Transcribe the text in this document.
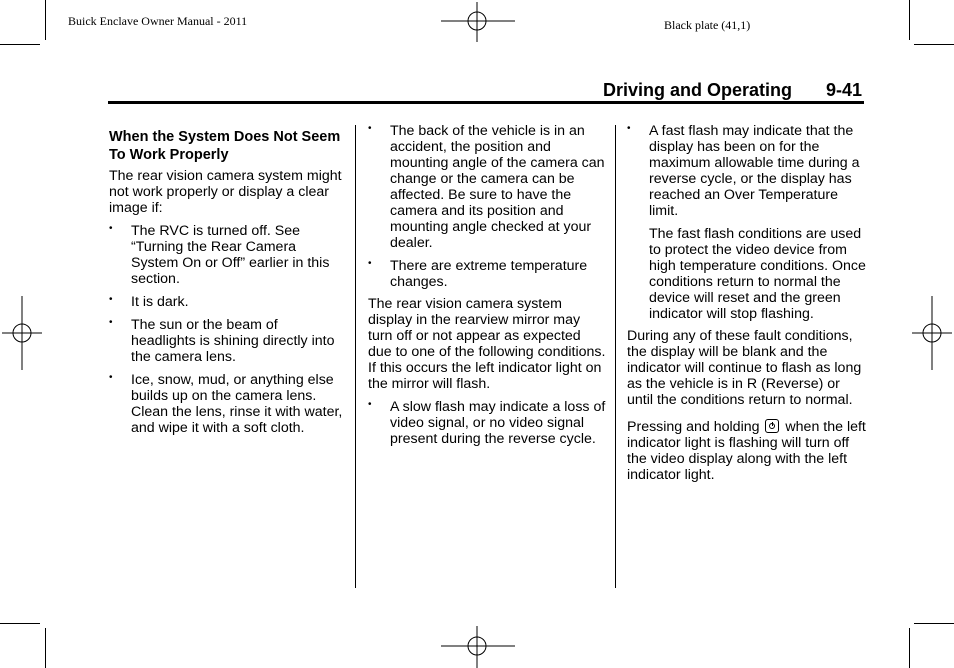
Buick Enclave Owner Manual - 2011	Black plate (41,1)
Driving and Operating 9-41

When the System Does Not Seem To Work Properly

The rear vision camera system might not work properly or display a clear image if:

• The RVC is turned off. See “Turning the Rear Camera System On or Off” earlier in this section.
• It is dark.
• The sun or the beam of headlights is shining directly into the camera lens.
• Ice, snow, mud, or anything else builds up on the camera lens. Clean the lens, rinse it with water, and wipe it with a soft cloth.
• The back of the vehicle is in an accident, the position and mounting angle of the camera can change or the camera can be affected. Be sure to have the camera and its position and mounting angle checked at your dealer.
• There are extreme temperature changes.

The rear vision camera system display in the rearview mirror may turn off or not appear as expected due to one of the following conditions. If this occurs the left indicator light on the mirror will flash.

• A slow flash may indicate a loss of video signal, or no video signal present during the reverse cycle.
• A fast flash may indicate that the display has been on for the maximum allowable time during a reverse cycle, or the display has reached an Over Temperature limit.

The fast flash conditions are used to protect the video device from high temperature conditions. Once conditions return to normal the device will reset and the green indicator will stop flashing.

During any of these fault conditions, the display will be blank and the indicator will continue to flash as long as the vehicle is in R (Reverse) or until the conditions return to normal.

Pressing and holding when the left indicator light is flashing will turn off the video display along with the left indicator light.
